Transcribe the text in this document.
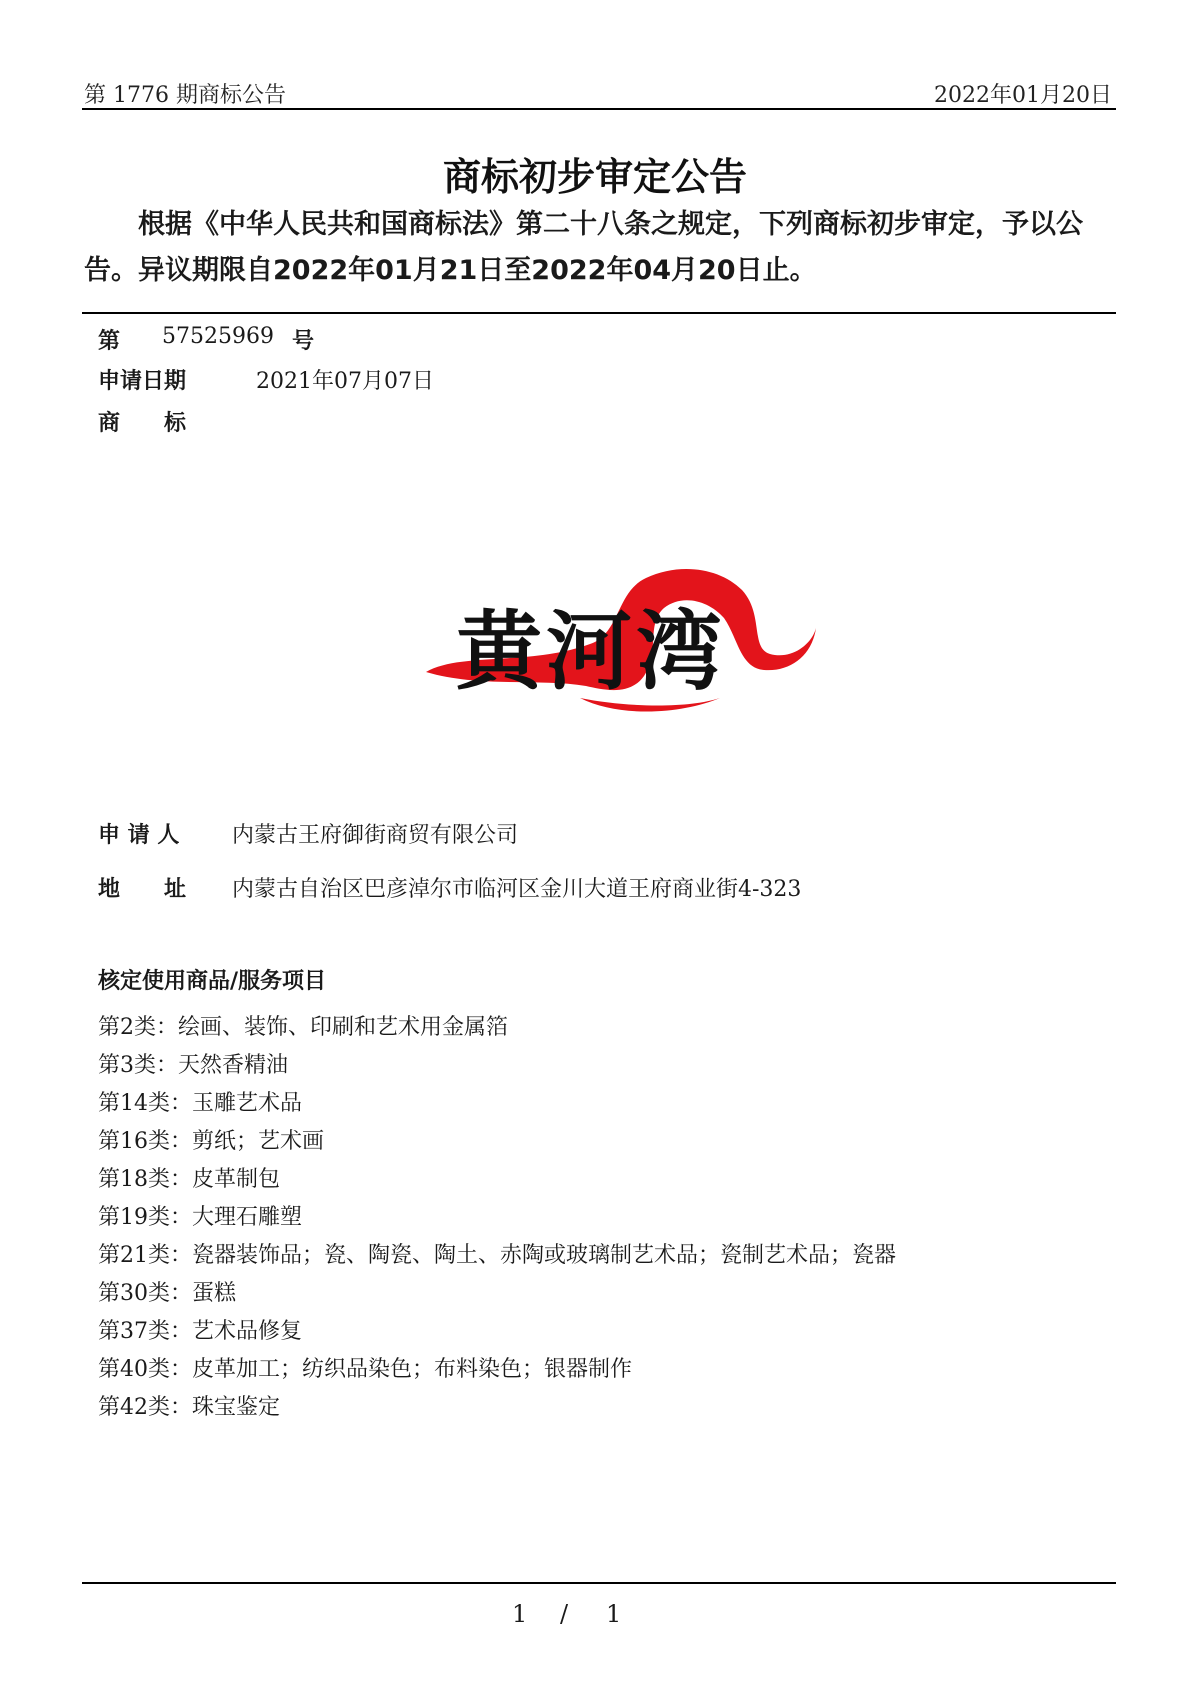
第 1776 期商标公告	2022年01月20日
商标初步审定公告
根据《中华人民共和国商标法》第二十八条之规定，下列商标初步审定，予以公告。异议期限自2022年01月21日至2022年04月20日止。
第 57525969 号
申请日期	2021年07月07日
商　　标
黄河湾
申 请 人 内蒙古王府御街商贸有限公司
地　　址 内蒙古自治区巴彦淖尔市临河区金川大道王府商业街4-323
核定使用商品/服务项目
第2类：绘画、装饰、印刷和艺术用金属箔
第3类：天然香精油
第14类：玉雕艺术品
第16类：剪纸；艺术画
第18类：皮革制包
第19类：大理石雕塑
第21类：瓷器装饰品；瓷、陶瓷、陶土、赤陶或玻璃制艺术品；瓷制艺术品；瓷器
第30类：蛋糕
第37类：艺术品修复
第40类：皮革加工；纺织品染色；布料染色；银器制作
第42类：珠宝鉴定
1 / 1
